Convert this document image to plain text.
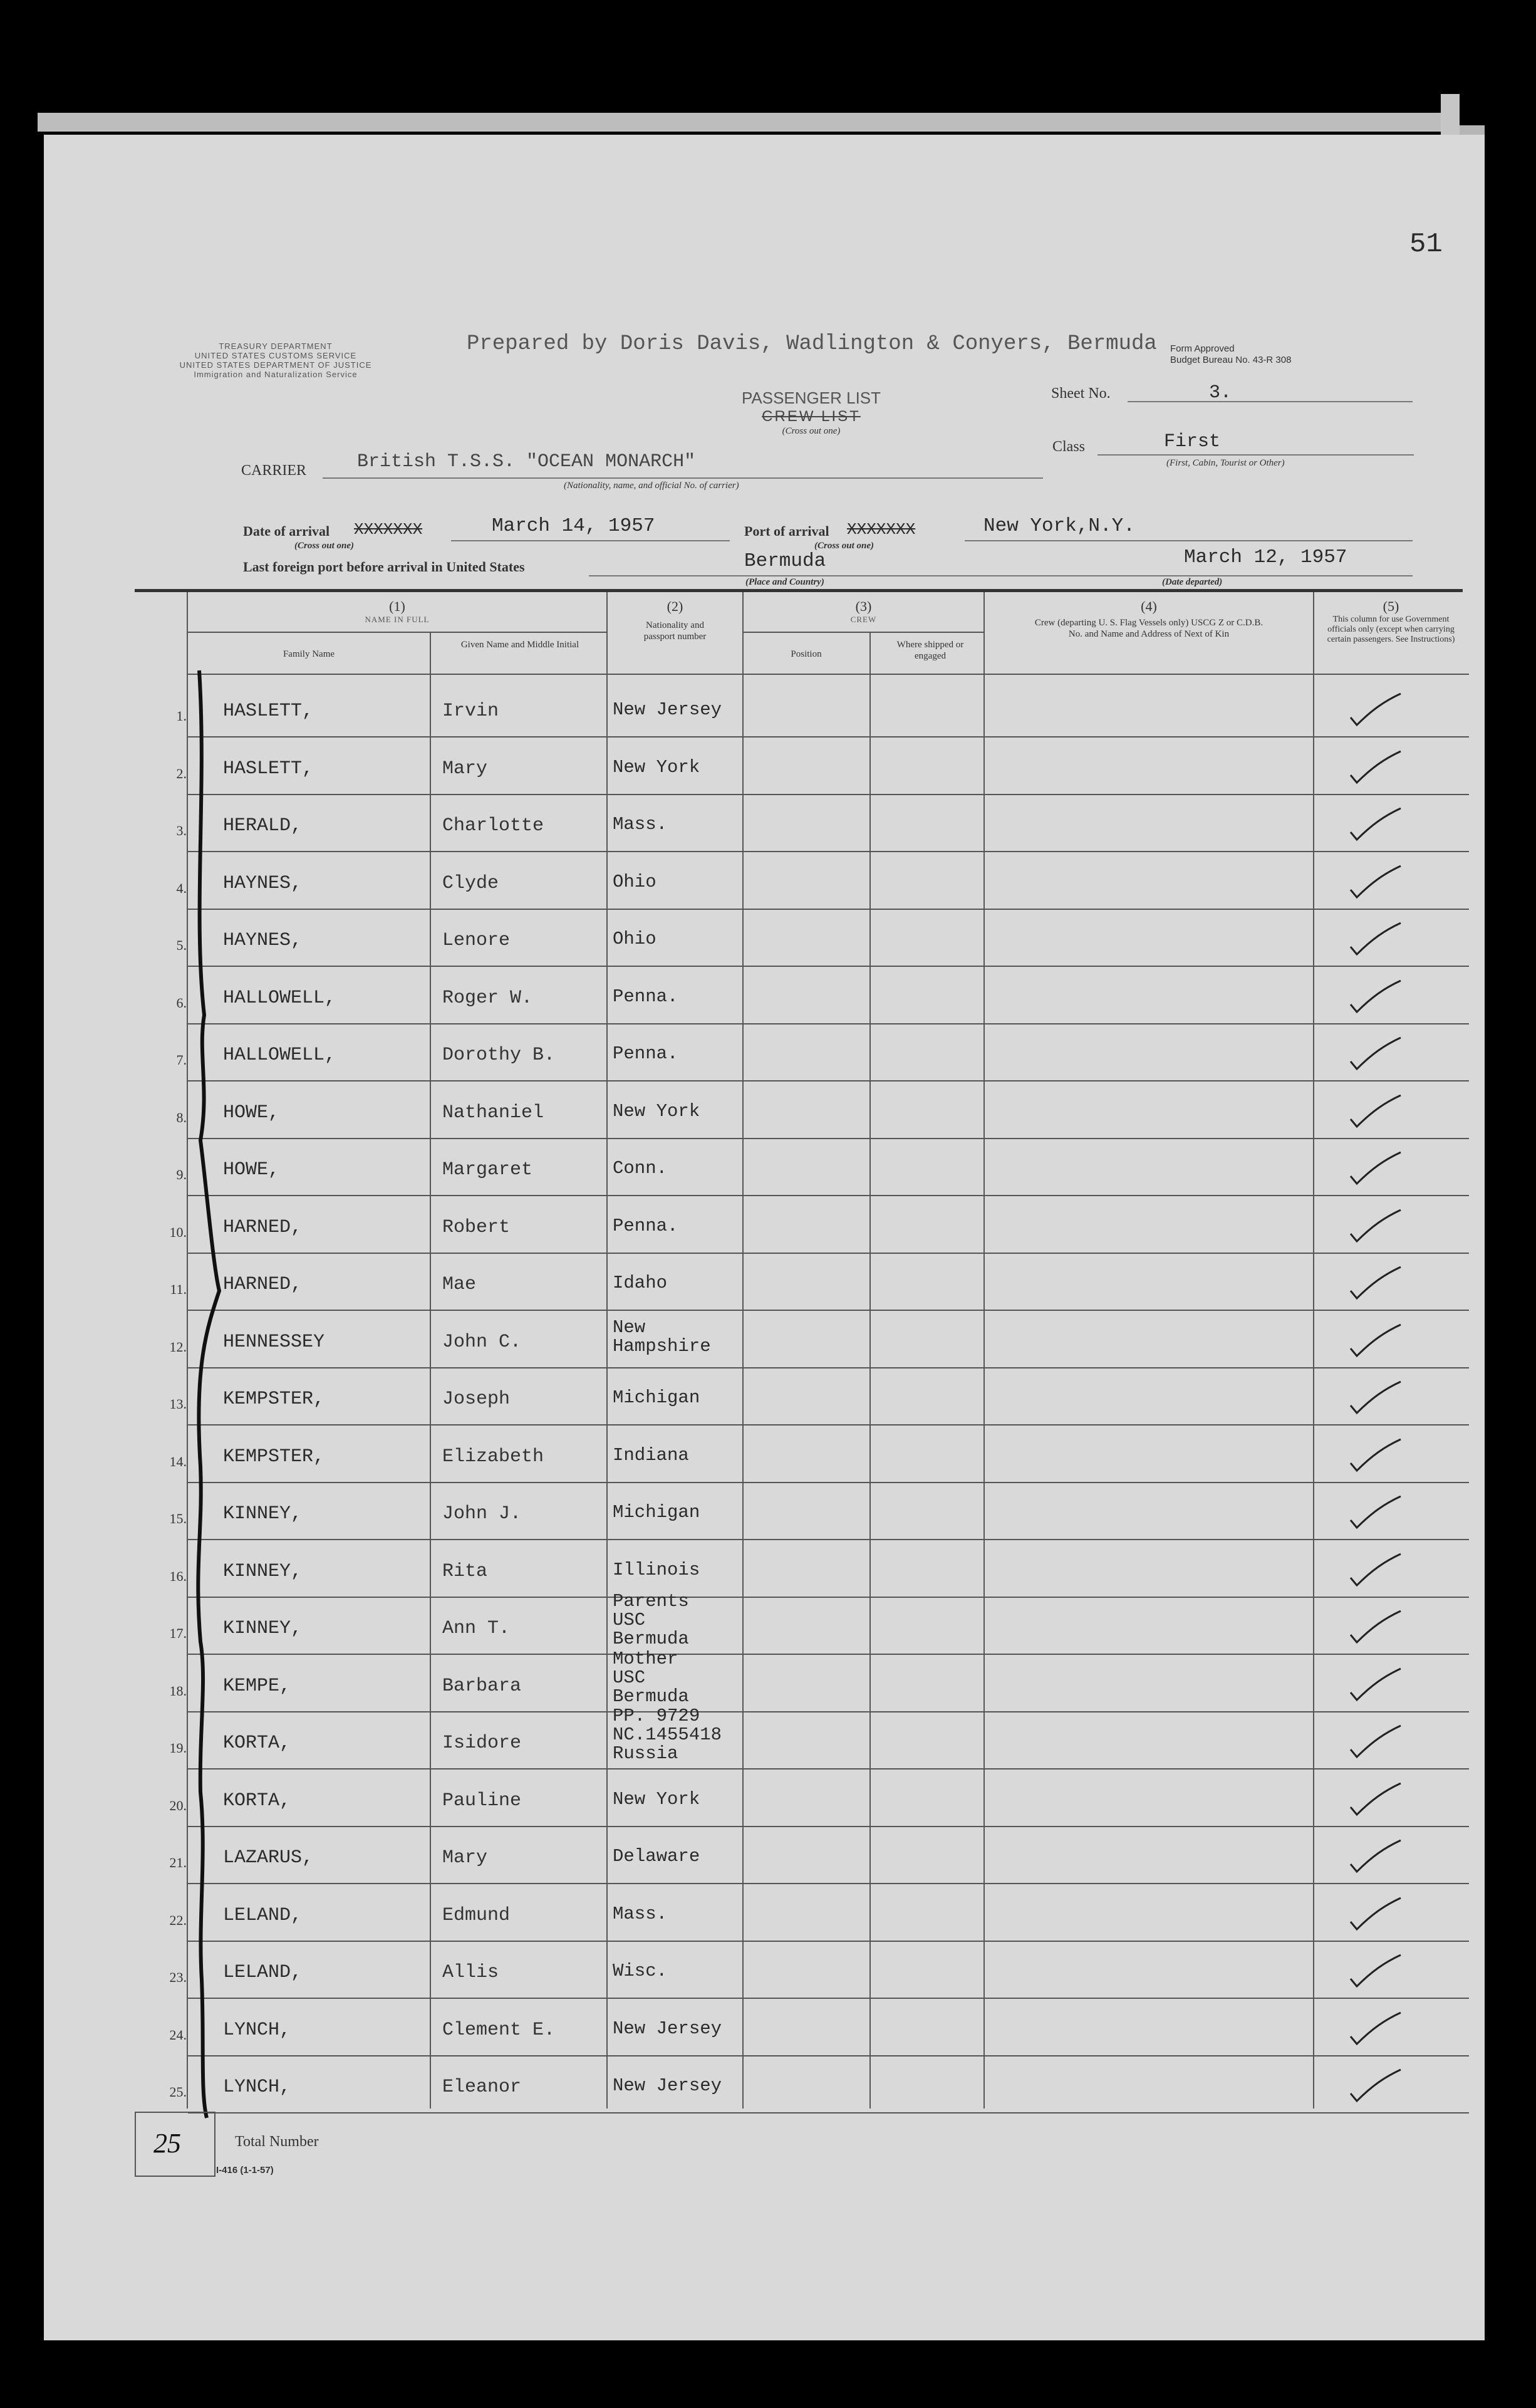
51
TREASURY DEPARTMENT
UNITED STATES CUSTOMS SERVICE
UNITED STATES DEPARTMENT OF JUSTICE
Immigration and Naturalization Service
Prepared by Doris Davis, Wadlington & Conyers, Bermuda Form Approved
Budget Bureau No. 43-R 308
PASSENGER LIST
CREW LIST
(Cross out one)
Sheet No.	3.
Class	First
(First, Cabin, Tourist or Other)
CARRIER	British T.S.S. "OCEAN MONARCH"
(Nationality, name, and official No. of carrier)
Date of arrival XXXXXXX	March 14, 1957
(Cross out one)
Port of arrival XXXXXXX	New York,N.Y.
(Cross out one)
Last foreign port before arrival in United States	Bermuda
(Place and Country)
March 12, 1957
(Date departed)
(1)
NAME IN FULL
Family Name
Given Name and Middle Initial
(2)
Nationality and passport number
(3)
CREW
Position
Where shipped or engaged
(4)
Crew (departing U. S. Flag Vessels only) USCG Z or C.D.B. No. and Name and Address of Next of Kin
(5)
This column for use Government officials only (except when carrying certain passengers. See Instructions)
1. HASLETT,	Irvin	New Jersey
2. HASLETT,	Mary	New York
3. HERALD,	Charlotte	Mass.
4. HAYNES,	Clyde	Ohio
5. HAYNES,	Lenore	Ohio
6. HALLOWELL,	Roger W.	Penna.
7. HALLOWELL,	Dorothy B.	Penna.
8. HOWE,	Nathaniel	New York
9. HOWE,	Margaret	Conn.
10. HARNED,	Robert	Penna.
11. HARNED,	Mae	Idaho
12. HENNESSEY	John C.
New
Hampshire
13. KEMPSTER,	Joseph	Michigan
14. KEMPSTER,	Elizabeth	Indiana
15. KINNEY,	John J.	Michigan
16. KINNEY,	Rita	Illinois
17. KINNEY,	Ann T.
Parents
USC
Bermuda
18. KEMPE,	Barbara
Mother
USC
Bermuda
19. KORTA,	Isidore
PP. 9729
NC.1455418
Russia
20. KORTA,	Pauline	New York
21. LAZARUS,	Mary	Delaware
22. LELAND,	Edmund	Mass.
23. LELAND,	Allis	Wisc.
24. LYNCH,	Clement E.	New Jersey
25. LYNCH,	Eleanor	New Jersey
25	Total Number
I-416 (1-1-57)
